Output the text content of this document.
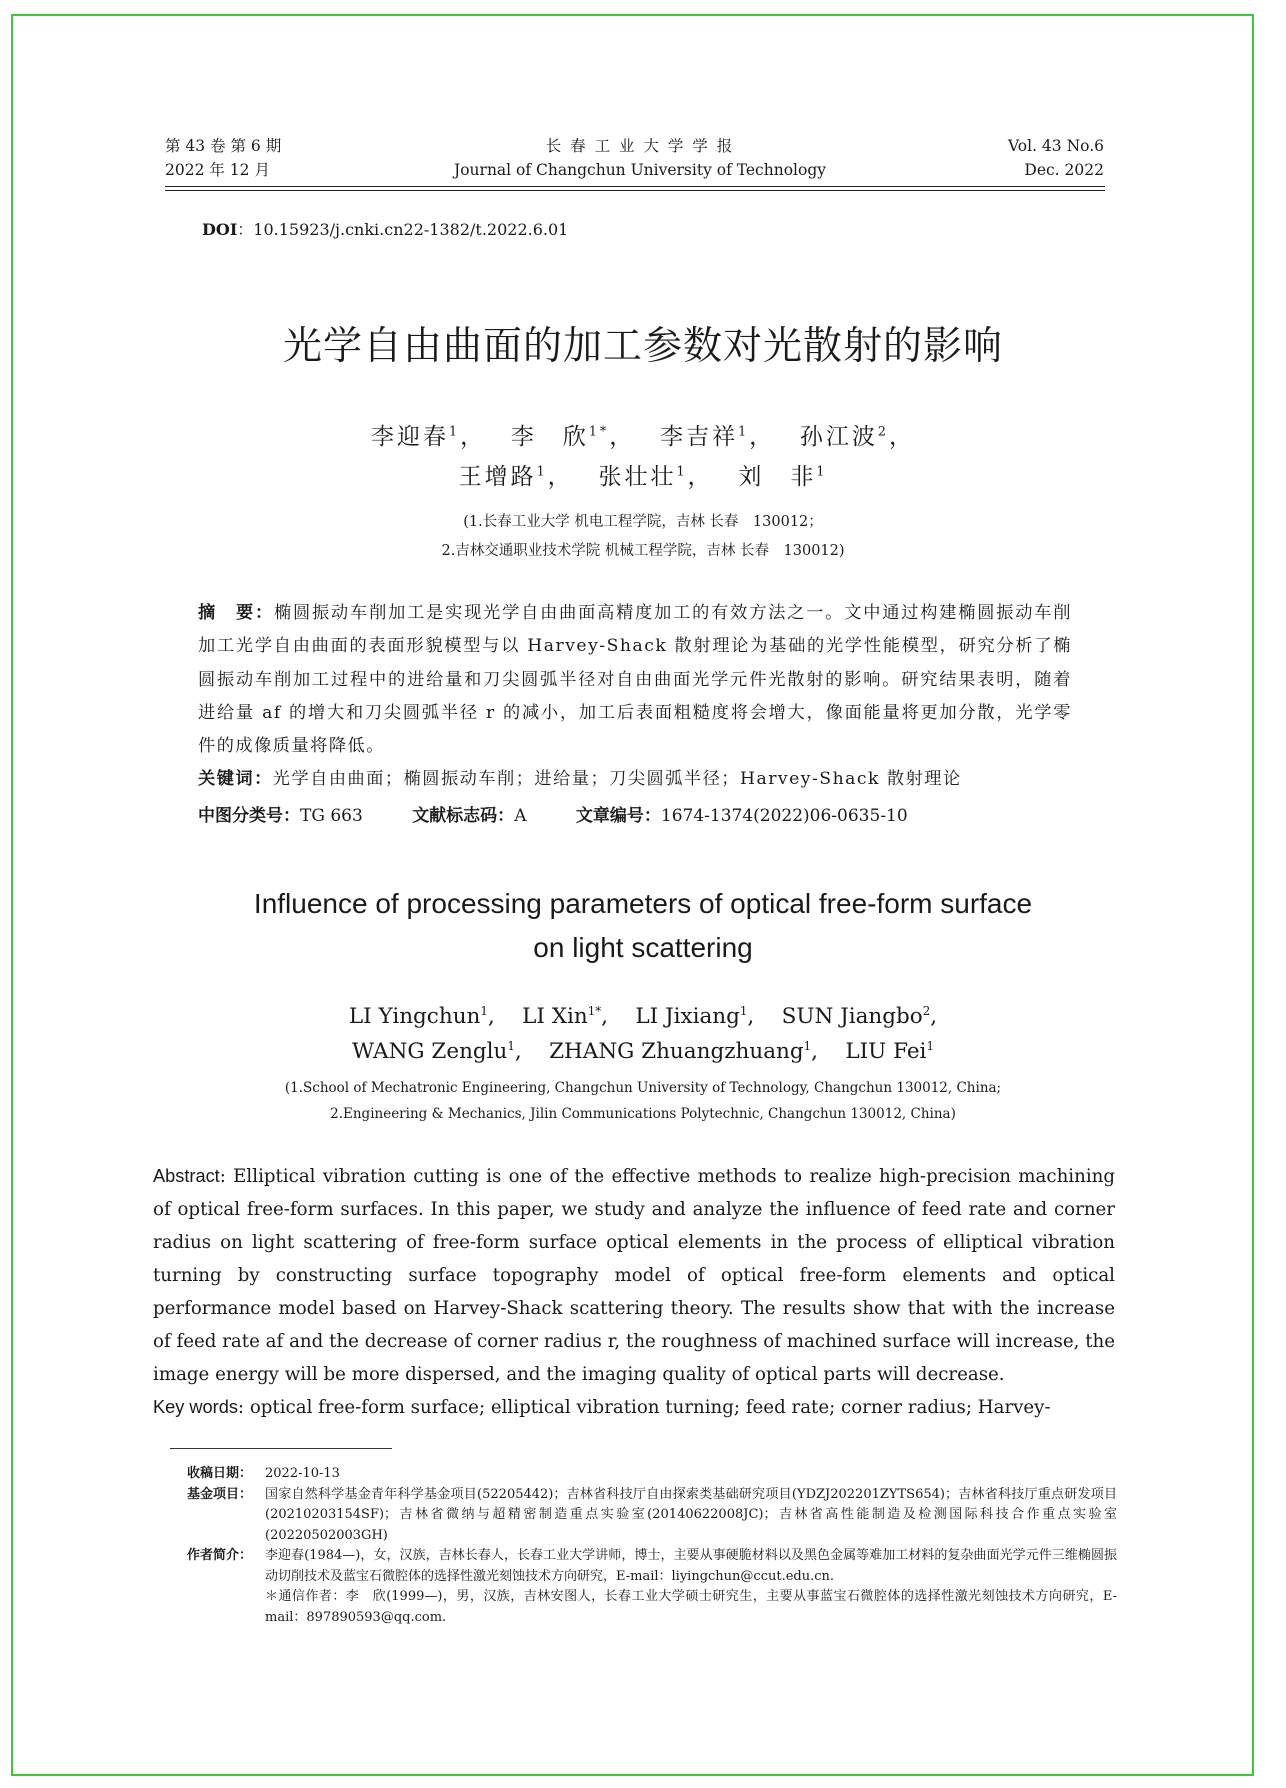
第 43 卷 第 6 期
2022 年 12 月
长 春 工 业 大 学 学 报
Journal of Changchun University of Technology
Vol. 43 No.6
Dec. 2022
DOI：10.15923/j.cnki.cn22-1382/t.2022.6.01
光学自由曲面的加工参数对光散射的影响
李迎春$^1$，　 李　欣$^{1*}$，　 李吉祥$^1$，　 孙江波$^2$，
王增路$^1$，　 张壮壮$^1$，　 刘　非$^1$
(1.长春工业大学 机电工程学院，吉林 长春　130012；
2.吉林交通职业技术学院 机械工程学院，吉林 长春　130012)
摘　要：椭圆振动车削加工是实现光学自由曲面高精度加工的有效方法之一。文中通过构建椭圆振动车削加工光学自由曲面的表面形貌模型与以 Harvey-Shack 散射理论为基础的光学性能模型，研究分析了椭圆振动车削加工过程中的进给量和刀尖圆弧半径对自由曲面光学元件光散射的影响。研究结果表明，随着进给量 af 的增大和刀尖圆弧半径 r 的减小，加工后表面粗糙度将会增大，像面能量将更加分散，光学零件的成像质量将降低。
关键词：光学自由曲面；椭圆振动车削；进给量；刀尖圆弧半径；Harvey-Shack 散射理论
中图分类号：TG 663	文献标志码：A	文章编号：1674-1374(2022)06-0635-10
Influence of processing parameters of optical free-form surface
on light scattering
LI Yingchun$^1$,    LI Xin$^{1*}$,    LI Jixiang$^1$,    SUN Jiangbo$^2$,
WANG Zenglu$^1$,    ZHANG Zhuangzhuang$^1$,    LIU Fei$^1$
(1.School of Mechatronic Engineering, Changchun University of Technology, Changchun 130012, China;
2.Engineering & Mechanics, Jilin Communications Polytechnic, Changchun 130012, China)
Abstract: Elliptical vibration cutting is one of the effective methods to realize high-precision machining of optical free-form surfaces. In this paper, we study and analyze the influence of feed rate and corner radius on light scattering of free-form surface optical elements in the process of elliptical vibration turning by constructing surface topography model of optical free-form elements and optical performance model based on Harvey-Shack scattering theory. The results show that with the increase of feed rate af and the decrease of corner radius r, the roughness of machined surface will increase, the image energy will be more dispersed, and the imaging quality of optical parts will decrease.
Key words: optical free-form surface; elliptical vibration turning; feed rate; corner radius; Harvey-
收稿日期： 2022-10-13
基金项目： 国家自然科学基金青年科学基金项目(52205442)；吉林省科技厅自由探索类基础研究项目(YDZJ202201ZYTS654)；吉林省科技厅重点研发项目(20210203154SF)；吉林省微纳与超精密制造重点实验室(20140622008JC)；吉林省高性能制造及检测国际科技合作重点实验室(20220502003GH)
作者简介： 李迎春(1984—)，女，汉族，吉林长春人，长春工业大学讲师，博士，主要从事硬脆材料以及黑色金属等难加工材料的复杂曲面光学元件三维椭圆振动切削技术及蓝宝石微腔体的选择性激光刻蚀技术方向研究，E-mail：liyingchun@ccut.edu.cn.
＊通信作者：李　欣(1999—)，男，汉族，吉林安图人，长春工业大学硕士研究生，主要从事蓝宝石微腔体的选择性激光刻蚀技术方向研究，E-mail：897890593@qq.com.
